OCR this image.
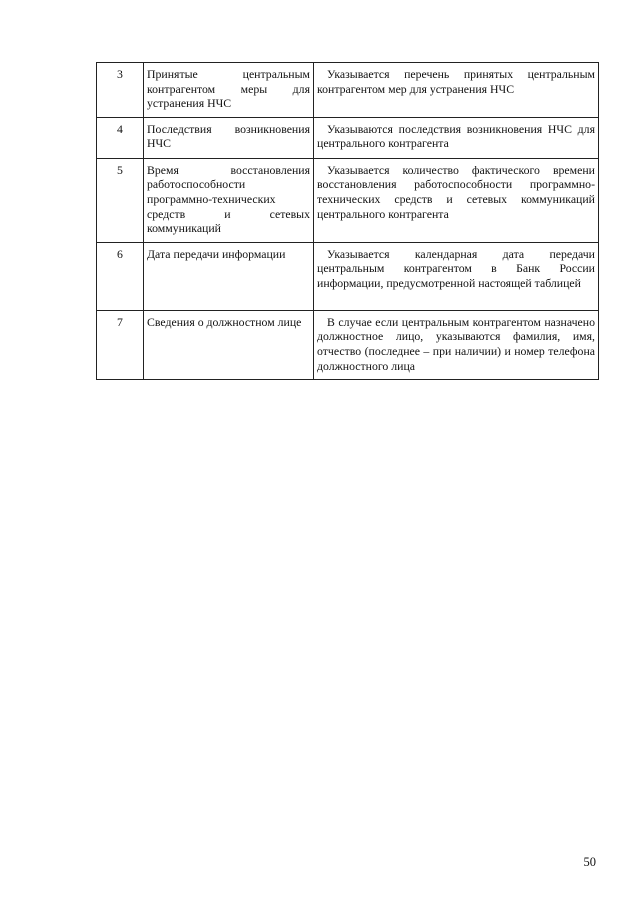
3	Принятые центральным контрагентом меры для устранения НЧС	Указывается перечень принятых центральным контрагентом мер для устранения НЧС
4	Последствия возникновения НЧС	Указываются последствия возникновения НЧС для центрального контрагента
5	Время восстановления работоспособности программно-технических средств и сетевых коммуникаций	Указывается количество фактического времени восстановления работоспособности программно-технических средств и сетевых коммуникаций центрального контрагента
6	Дата передачи информации	Указывается календарная дата передачи центральным контрагентом в Банк России информации, предусмотренной настоящей таблицей
7	Сведения о должностном лице	В случае если центральным контрагентом назначено должностное лицо, указываются фамилия, имя, отчество (последнее – при наличии) и номер телефона должностного лица
50
